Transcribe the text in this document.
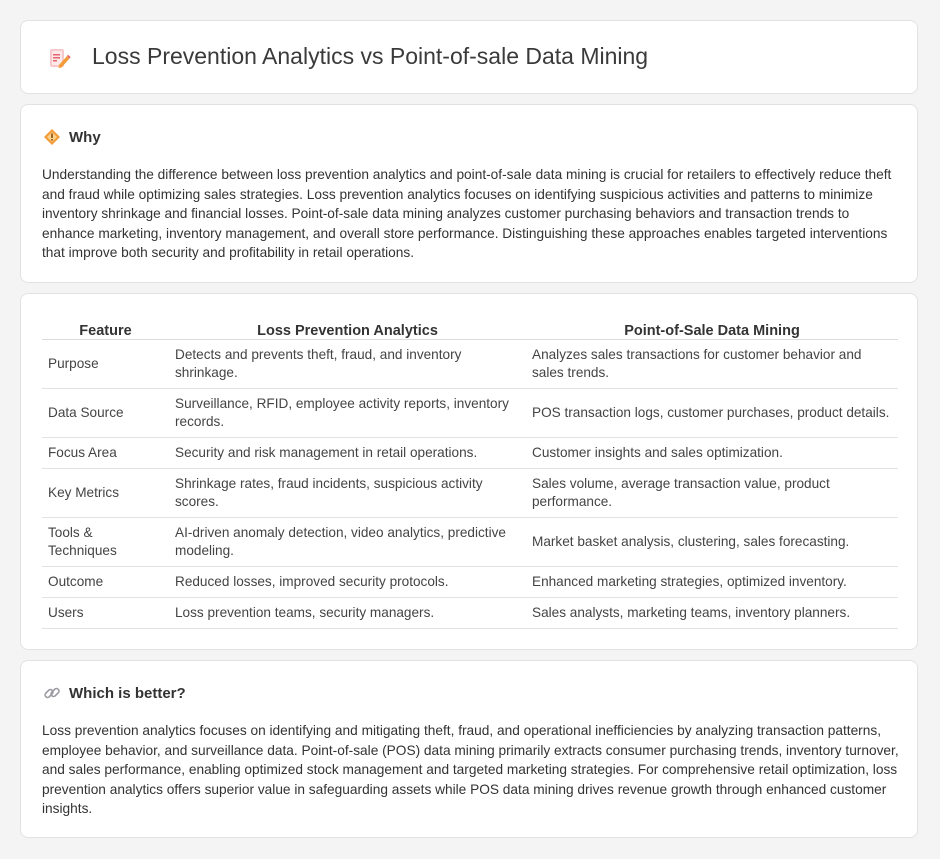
Loss Prevention Analytics vs Point-of-sale Data Mining
Why
Understanding the difference between loss prevention analytics and point-of-sale data mining is crucial for retailers to effectively reduce theft and fraud while optimizing sales strategies. Loss prevention analytics focuses on identifying suspicious activities and patterns to minimize inventory shrinkage and financial losses. Point-of-sale data mining analyzes customer purchasing behaviors and transaction trends to enhance marketing, inventory management, and overall store performance. Distinguishing these approaches enables targeted interventions that improve both security and profitability in retail operations.
Feature	Loss Prevention Analytics	Point-of-Sale Data Mining
Purpose	Detects and prevents theft, fraud, and inventory shrinkage.	Analyzes sales transactions for customer behavior and sales trends.
Data Source	Surveillance, RFID, employee activity reports, inventory records.	POS transaction logs, customer purchases, product details.
Focus Area	Security and risk management in retail operations.	Customer insights and sales optimization.
Key Metrics	Shrinkage rates, fraud incidents, suspicious activity scores.	Sales volume, average transaction value, product performance.
Tools & Techniques	AI-driven anomaly detection, video analytics, predictive modeling.	Market basket analysis, clustering, sales forecasting.
Outcome	Reduced losses, improved security protocols.	Enhanced marketing strategies, optimized inventory.
Users	Loss prevention teams, security managers.	Sales analysts, marketing teams, inventory planners.
Which is better?
Loss prevention analytics focuses on identifying and mitigating theft, fraud, and operational inefficiencies by analyzing transaction patterns, employee behavior, and surveillance data. Point-of-sale (POS) data mining primarily extracts consumer purchasing trends, inventory turnover, and sales performance, enabling optimized stock management and targeted marketing strategies. For comprehensive retail optimization, loss prevention analytics offers superior value in safeguarding assets while POS data mining drives revenue growth through enhanced customer insights.
